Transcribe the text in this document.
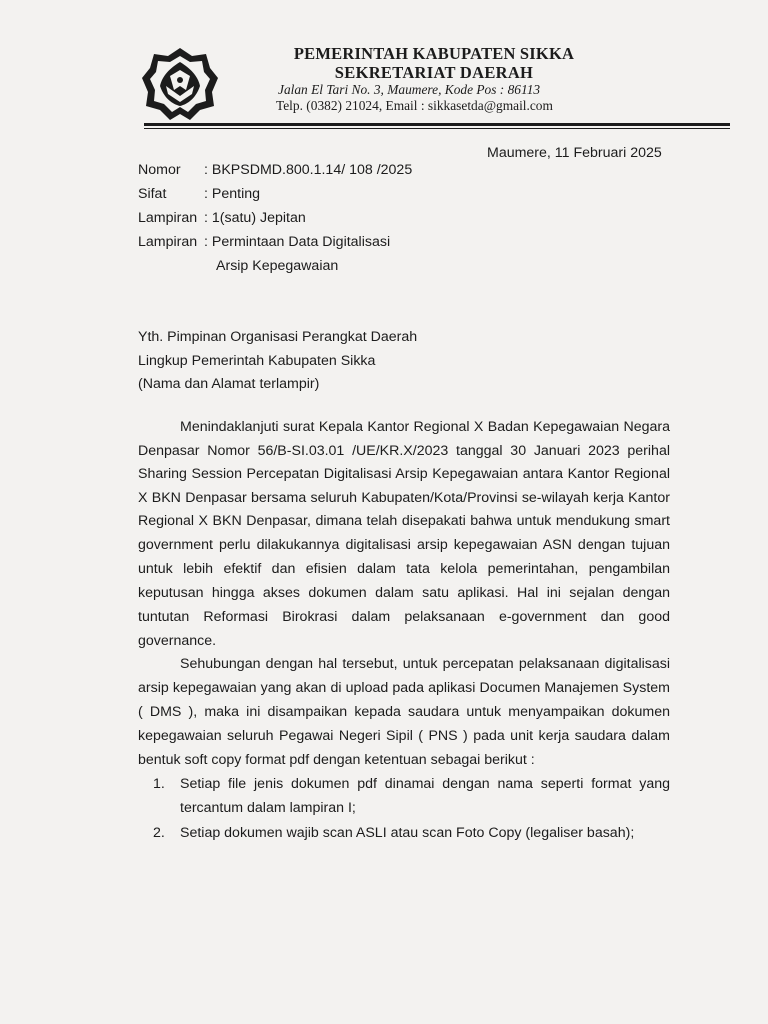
PEMERINTAH KABUPATEN SIKKA
SEKRETARIAT DAERAH
Jalan El Tari No. 3, Maumere, Kode Pos : 86113
Telp. (0382) 21024, Email : sikkasetda@gmail.com
Maumere, 11 Februari 2025
Nomor : BKPSDMD.800.1.14/ 108 /2025
Sifat	: Penting
Lampiran : 1(satu) Jepitan
Lampiran : Permintaan Data Digitalisasi
Arsip Kepegawaian
Yth. Pimpinan Organisasi Perangkat Daerah
Lingkup Pemerintah Kabupaten Sikka
(Nama dan Alamat terlampir)
Menindaklanjuti surat Kepala Kantor Regional X Badan Kepegawaian Negara
Denpasar Nomor 56/B-SI.03.01 /UE/KR.X/2023 tanggal 30 Januari 2023 perihal
Sharing Session Percepatan Digitalisasi Arsip Kepegawaian antara Kantor Regional
X BKN Denpasar bersama seluruh Kabupaten/Kota/Provinsi se-wilayah kerja Kantor
Regional X BKN Denpasar, dimana telah disepakati bahwa untuk mendukung smart
government perlu dilakukannya digitalisasi arsip kepegawaian ASN dengan tujuan
untuk lebih efektif dan efisien dalam tata kelola pemerintahan, pengambilan
keputusan hingga akses dokumen dalam satu aplikasi. Hal ini sejalan dengan
tuntutan Reformasi Birokrasi dalam pelaksanaan e-government dan good
governance.
Sehubungan dengan hal tersebut, untuk percepatan pelaksanaan digitalisasi
arsip kepegawaian yang akan di upload pada aplikasi Documen Manajemen System
( DMS ), maka ini disampaikan kepada saudara untuk menyampaikan dokumen
kepegawaian seluruh Pegawai Negeri Sipil ( PNS ) pada unit kerja saudara dalam
bentuk soft copy format pdf dengan ketentuan sebagai berikut :
1. Setiap file jenis dokumen pdf dinamai dengan nama seperti format yang
tercantum dalam lampiran I;
2. Setiap dokumen wajib scan ASLI atau scan Foto Copy (legaliser basah);
